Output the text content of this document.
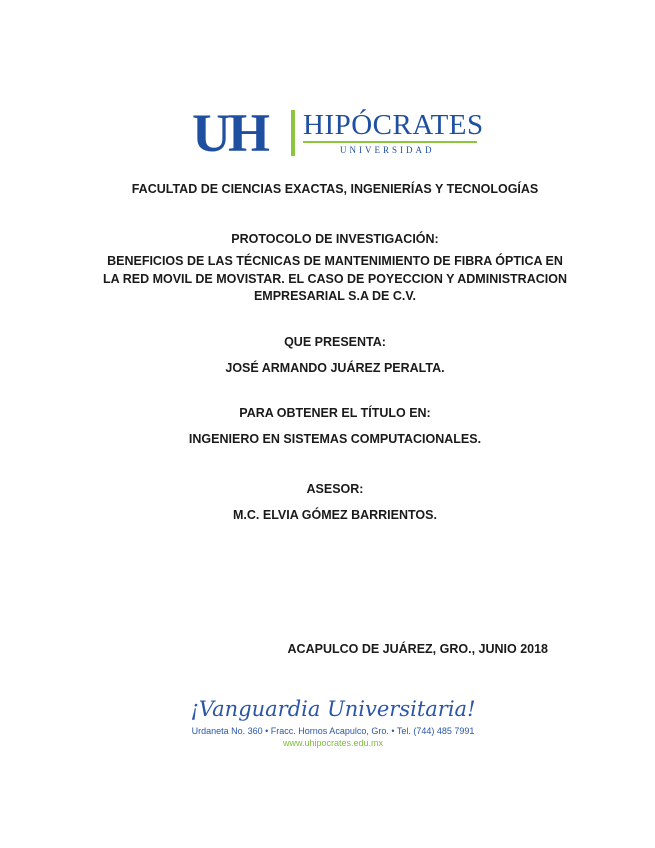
UH HIPÓCRATES
UNIVERSIDAD
FACULTAD DE CIENCIAS EXACTAS, INGENIERÍAS Y TECNOLOGÍAS
PROTOCOLO DE INVESTIGACIÓN:
BENEFICIOS DE LAS TÉCNICAS DE MANTENIMIENTO DE FIBRA ÓPTICA EN
LA RED MOVIL DE MOVISTAR. EL CASO DE POYECCION Y ADMINISTRACION
EMPRESARIAL S.A DE C.V.
QUE PRESENTA:
JOSÉ ARMANDO JUÁREZ PERALTA.
PARA OBTENER EL TÍTULO EN:
INGENIERO EN SISTEMAS COMPUTACIONALES.
ASESOR:
M.C. ELVIA GÓMEZ BARRIENTOS.
ACAPULCO DE JUÁREZ, GRO., JUNIO 2018
¡Vanguardia Universitaria!
Urdaneta No. 360 • Fracc. Hornos Acapulco, Gro. • Tel. (744) 485 7991
www.uhipocrates.edu.mx
